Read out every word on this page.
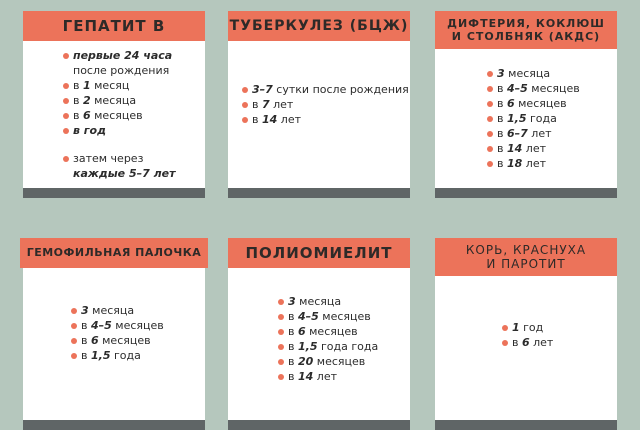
ГЕПАТИТ В
первые 24 часа
после рождения
в 1 месяц
в 2 месяца
в 6 месяцев
в год
затем через
каждые 5–7 лет
ТУБЕРКУЛЕЗ (БЦЖ)
3–7 сутки после рождения
в 7 лет
в 14 лет
ДИФТЕРИЯ, КОКЛЮШ
И СТОЛБНЯК (АКДС)
3 месяца
в 4–5 месяцев
в 6 месяцев
в 1,5 года
в 6–7 лет
в 14 лет
в 18 лет
ГЕМОФИЛЬНАЯ ПАЛОЧКА
3 месяца
в 4–5 месяцев
в 6 месяцев
в 1,5 года
ПОЛИОМИЕЛИТ
3 месяца
в 4–5 месяцев
в 6 месяцев
в 1,5 года года
в 20 месяцев
в 14 лет
КОРЬ, КРАСНУХА
И ПАРОТИТ
1 год
в 6 лет
